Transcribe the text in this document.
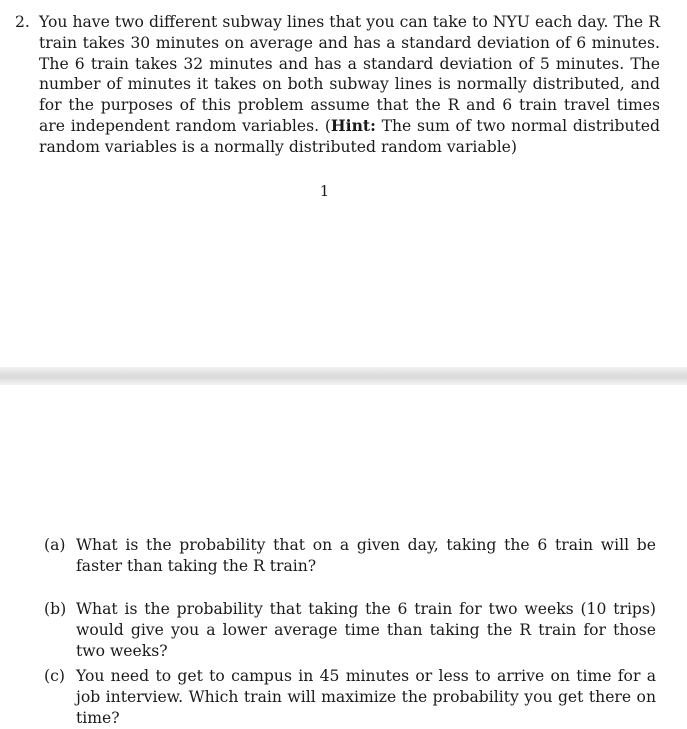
2. You have two different subway lines that you can take to NYU each day. The R train takes 30 minutes on average and has a standard deviation of 6 minutes. The 6 train takes 32 minutes and has a standard deviation of 5 minutes. The number of minutes it takes on both subway lines is normally distributed, and for the purposes of this problem assume that the R and 6 train travel times are independent random variables. (Hint: The sum of two normal distributed random variables is a normally distributed random variable)
1
(a) What is the probability that on a given day, taking the 6 train will be faster than taking the R train?
(b) What is the probability that taking the 6 train for two weeks (10 trips) would give you a lower average time than taking the R train for those two weeks?
(c) You need to get to campus in 45 minutes or less to arrive on time for a job interview. Which train will maximize the probability you get there on time?
